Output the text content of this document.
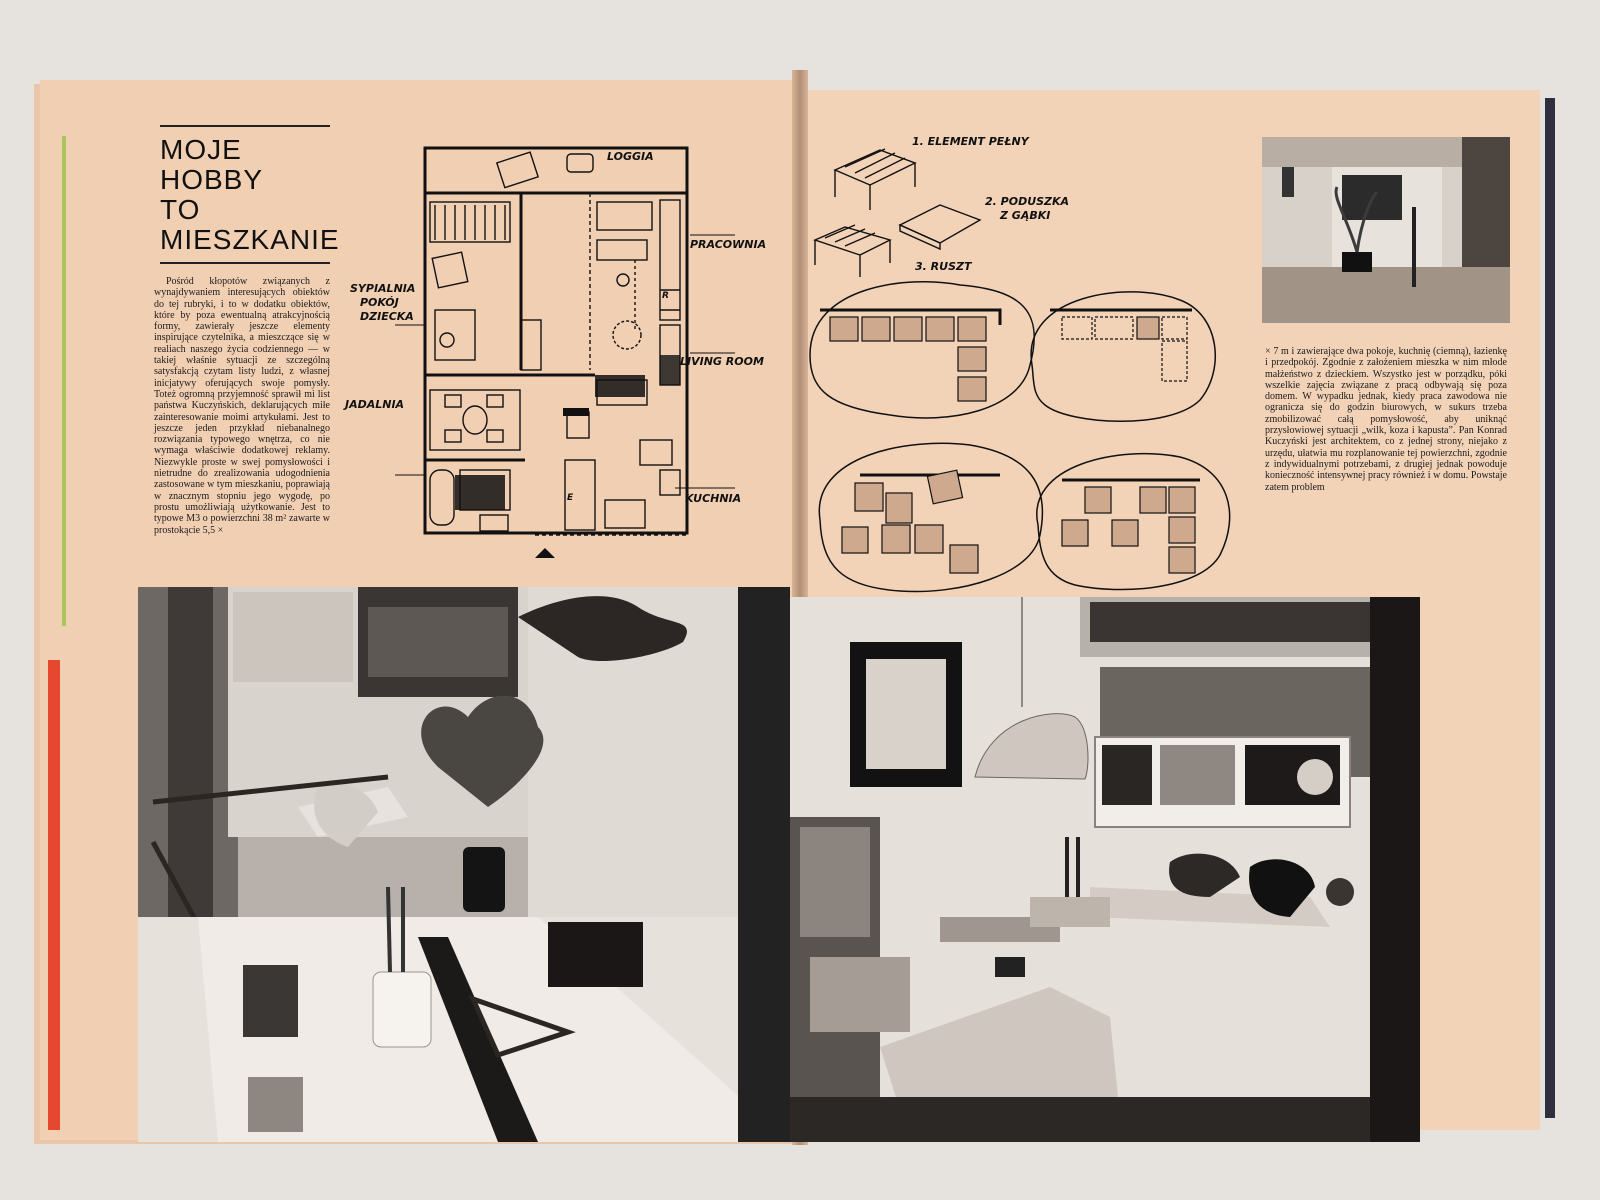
MOJE
HOBBY
TO
MIESZKANIE

Pośród kłopotów związanych z wynajdywaniem interesujących obiektów do tej rubryki, i to w dodatku obiektów, które by poza ewentualną atrakcyjnością formy, zawierały jeszcze elementy inspirujące czytelnika, a mieszczące się w realiach naszego życia codziennego — w takiej właśnie sytuacji ze szczególną satysfakcją czytam listy ludzi, z własnej inicjatywy oferujących swoje pomysły. Toteż ogromną przyjemność sprawił mi list państwa Kuczyńskich, deklarujących miłe zainteresowanie moimi artykułami. Jest to jeszcze jeden przykład niebanalnego rozwiązania typowego wnętrza, co nie wymaga właściwie dodatkowej reklamy. Niezwykle proste w swej pomysłowości i nietrudne do zrealizowania udogodnienia zastosowane w tym mieszkaniu, poprawiają w znacznym stopniu jego wygodę, po prostu umożliwiają użytkowanie. Jest to typowe M3 o powierzchni 38 m² zawarte w prostokącie 5,5 ×

LOGGIA
PRACOWNIA
SYPIALNIA
POKÓJ
DZIECKA
LIVING ROOM
JADALNIA
KUCHNIA
R
E
1. ELEMENT PEŁNY
2. PODUSZKA
Z GĄBKI
3. RUSZT

× 7 m i zawierające dwa pokoje, kuchnię (ciemną), łazienkę i przedpokój. Zgodnie z założeniem mieszka w nim młode małżeństwo z dzieckiem. Wszystko jest w porządku, póki wszelkie zajęcia związane z pracą odbywają się poza domem. W wypadku jednak, kiedy praca zawodowa nie ogranicza się do godzin biurowych, w sukurs trzeba zmobilizować całą pomysłowość, aby uniknąć przysłowiowej sytuacji „wilk, koza i kapusta”. Pan Konrad Kuczyński jest architektem, co z jednej strony, niejako z urzędu, ułatwia mu rozplanowanie tej powierzchni, zgodnie z indywidualnymi potrzebami, z drugiej jednak powoduje konieczność intensywnej pracy również i w domu. Powstaje zatem problem
